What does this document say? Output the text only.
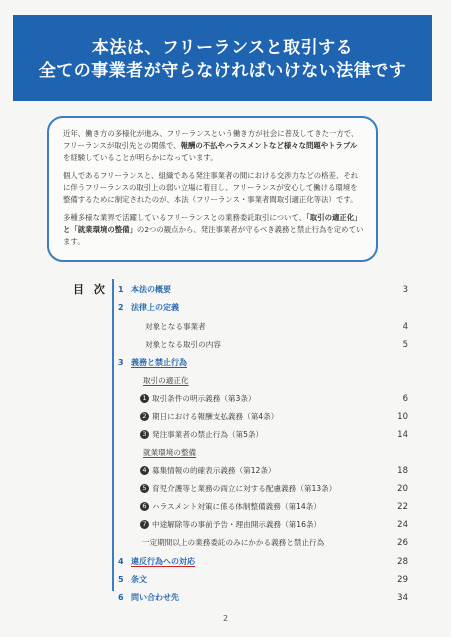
本法は、フリーランスと取引する
全ての事業者が守らなければいけない法律です

近年、働き方の多様化が進み、フリーランスという働き方が社会に普及してきた一方で、フリーランスが取引先との関係で、報酬の不払やハラスメントなど様々な問題やトラブルを経験していることが明らかになっています。

個人であるフリーランスと、組織である発注事業者の間における交渉力などの格差、それに伴うフリーランスの取引上の弱い立場に着目し、フリーランスが安心して働ける環境を整備するために制定されたのが、本法（フリーランス・事業者間取引適正化等法）です。

多種多様な業界で活躍しているフリーランスとの業務委託取引について、「取引の適正化」と「就業環境の整備」の2つの観点から、発注事業者が守るべき義務と禁止行為を定めています。

目 次 1 本法の概要	3
2 法律上の定義
対象となる事業者	4
対象となる取引の内容	5
3 義務と禁止行為
取引の適正化
1 取引条件の明示義務（第3条）	6
2 期日における報酬支払義務（第4条）	10
3 発注事業者の禁止行為（第5条）	14
就業環境の整備
4 募集情報の的確表示義務（第12条）	18
5 育児介護等と業務の両立に対する配慮義務（第13条）	20
6 ハラスメント対策に係る体制整備義務（第14条）	22
7 中途解除等の事前予告・理由開示義務（第16条）	24
一定期間以上の業務委託のみにかかる義務と禁止行為	26
4 違反行為への対応	28
5 条文	29
6 問い合わせ先	34
2
